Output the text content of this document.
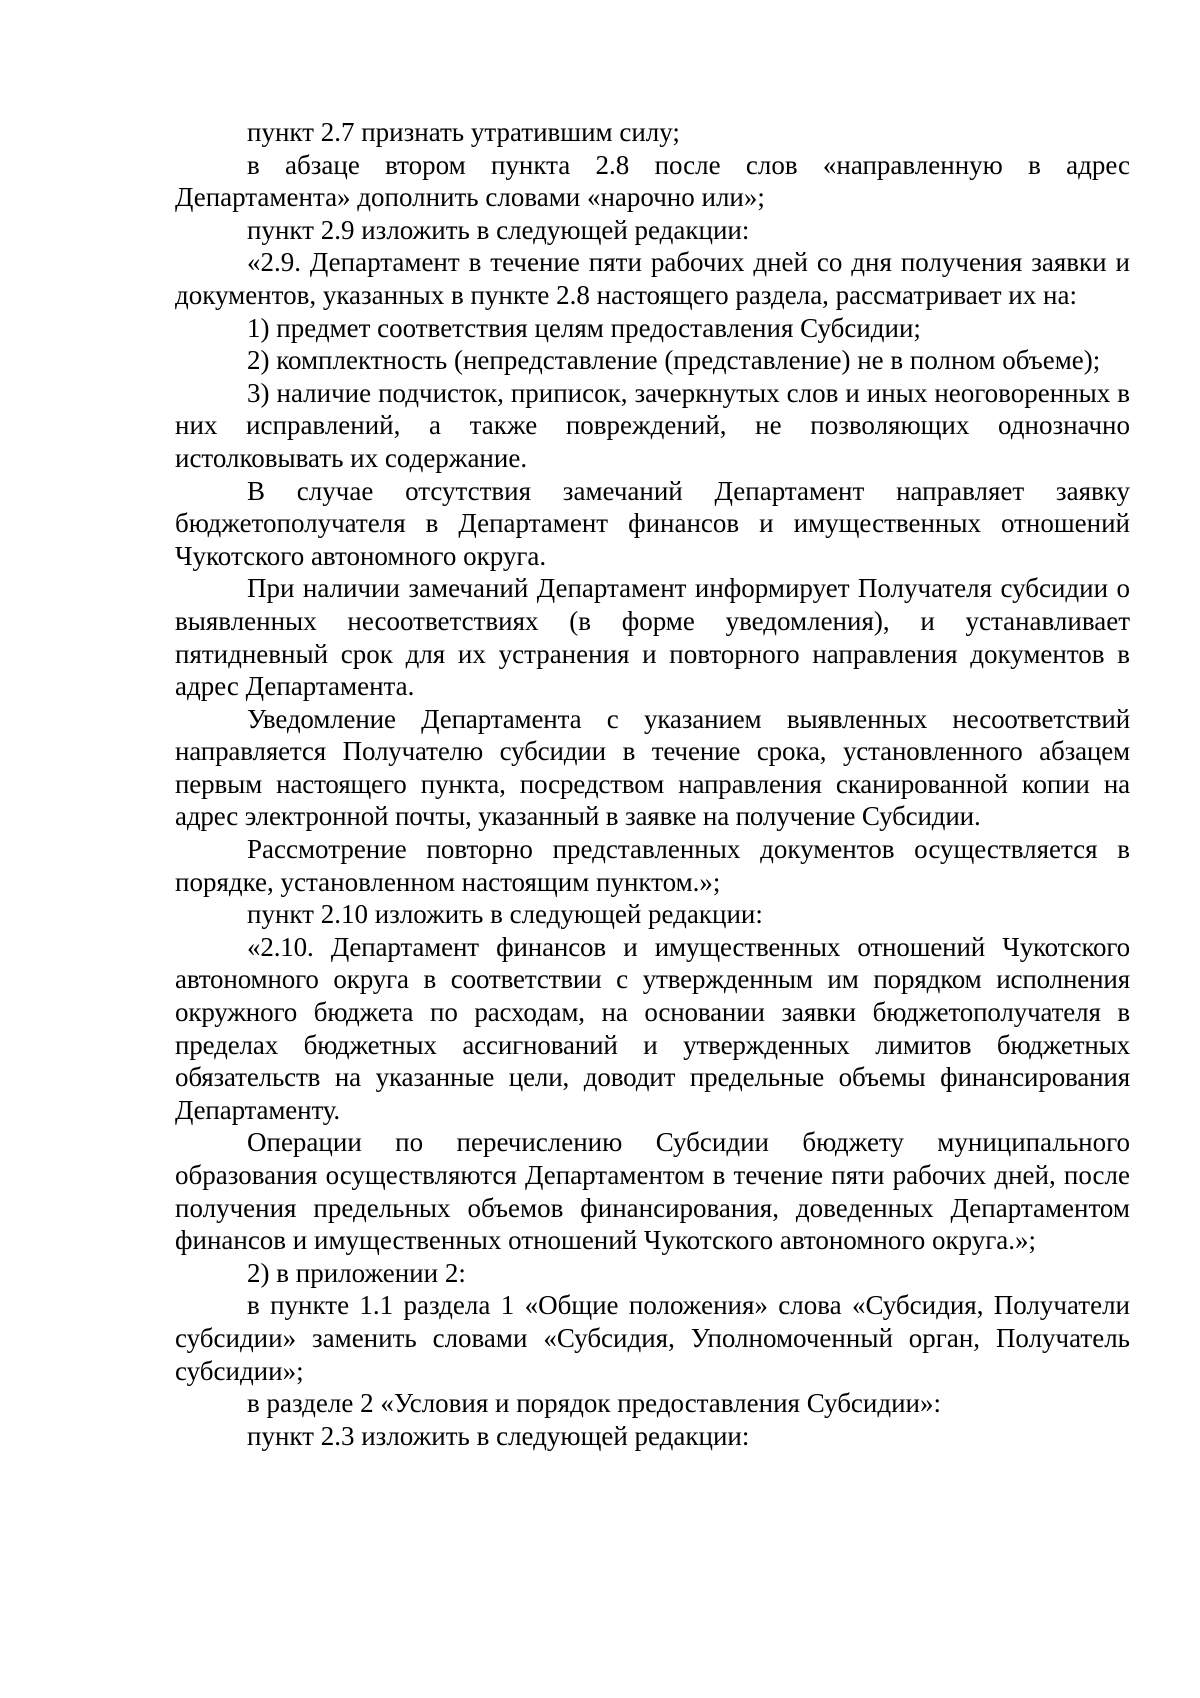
пункт 2.7 признать утратившим силу;

в абзаце втором пункта 2.8 после слов «направленную в адрес Департамента» дополнить словами «нарочно или»;

пункт 2.9 изложить в следующей редакции:

«2.9. Департамент в течение пяти рабочих дней со дня получения заявки и документов, указанных в пункте 2.8 настоящего раздела, рассматривает их на:

1) предмет соответствия целям предоставления Субсидии;

2) комплектность (непредставление (представление) не в полном объеме);

3) наличие подчисток, приписок, зачеркнутых слов и иных неоговоренных в них исправлений, а также повреждений, не позволяющих однозначно истолковывать их содержание.

В случае отсутствия замечаний Департамент направляет заявку бюджетополучателя в Департамент финансов и имущественных отношений Чукотского автономного округа.

При наличии замечаний Департамент информирует Получателя субсидии о выявленных несоответствиях (в форме уведомления), и устанавливает пятидневный срок для их устранения и повторного направления документов в адрес Департамента.

Уведомление Департамента с указанием выявленных несоответствий направляется Получателю субсидии в течение срока, установленного абзацем первым настоящего пункта, посредством направления сканированной копии на адрес электронной почты, указанный в заявке на получение Субсидии.

Рассмотрение повторно представленных документов осуществляется в порядке, установленном настоящим пунктом.»;

пункт 2.10 изложить в следующей редакции:

«2.10. Департамент финансов и имущественных отношений Чукотского автономного округа в соответствии с утвержденным им порядком исполнения окружного бюджета по расходам, на основании заявки бюджетополучателя в пределах бюджетных ассигнований и утвержденных лимитов бюджетных обязательств на указанные цели, доводит предельные объемы финансирования Департаменту.

Операции по перечислению Субсидии бюджету муниципального образования осуществляются Департаментом в течение пяти рабочих дней, после получения предельных объемов финансирования, доведенных Департаментом финансов и имущественных отношений Чукотского автономного округа.»;

2) в приложении 2:

в пункте 1.1 раздела 1 «Общие положения» слова «Субсидия, Получатели субсидии» заменить словами «Субсидия, Уполномоченный орган, Получатель субсидии»;

в разделе 2 «Условия и порядок предоставления Субсидии»:

пункт 2.3 изложить в следующей редакции:
